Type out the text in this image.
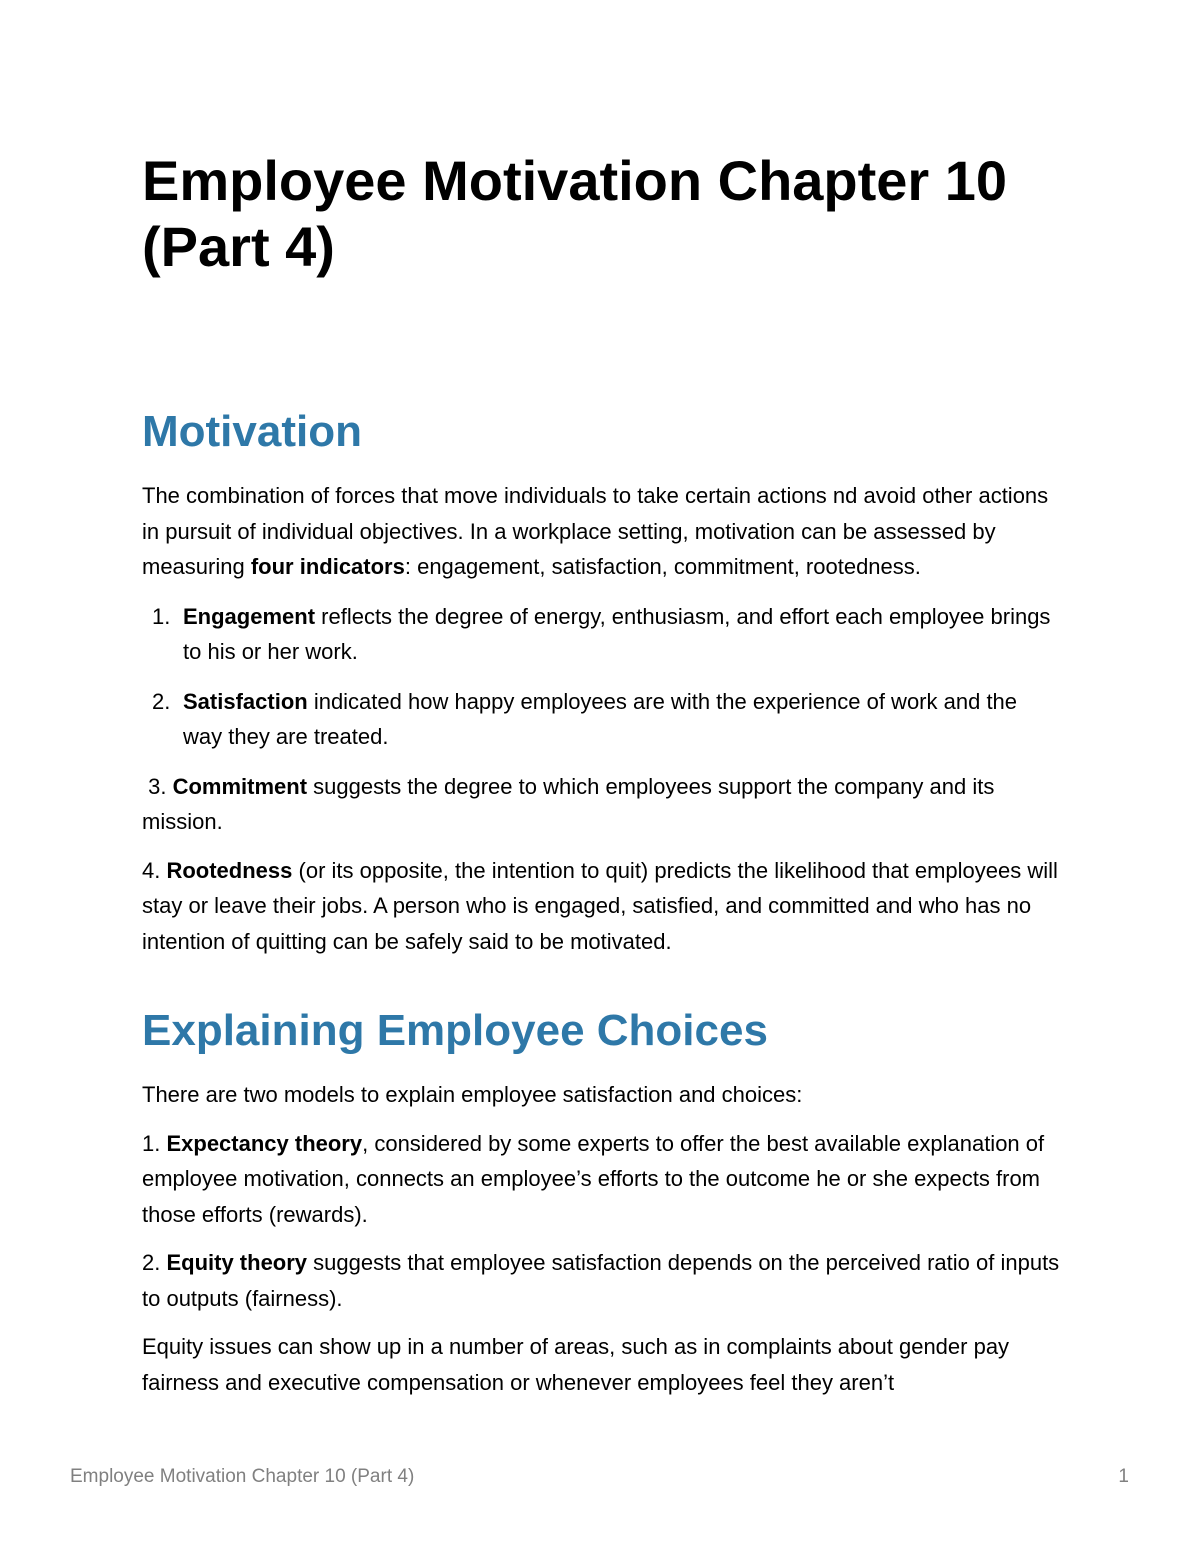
Employee Motivation Chapter 10 (Part 4)
Motivation

The combination of forces that move individuals to take certain actions nd avoid other actions in pursuit of individual objectives. In a workplace setting, motivation can be assessed by measuring four indicators: engagement, satisfaction, commitment, rootedness.

1. Engagement reflects the degree of energy, enthusiasm, and effort each employee brings to his or her work.
2. Satisfaction indicated how happy employees are with the experience of work and the way they are treated.

3. Commitment suggests the degree to which employees support the company and its mission.

4. Rootedness (or its opposite, the intention to quit) predicts the likelihood that employees will stay or leave their jobs. A person who is engaged, satisfied, and committed and who has no intention of quitting can be safely said to be motivated.

Explaining Employee Choices

There are two models to explain employee satisfaction and choices:

1. Expectancy theory, considered by some experts to offer the best available explanation of employee motivation, connects an employee’s efforts to the outcome he or she expects from those efforts (rewards).

2. Equity theory suggests that employee satisfaction depends on the perceived ratio of inputs to outputs (fairness).

Equity issues can show up in a number of areas, such as in complaints about gender pay fairness and executive compensation or whenever employees feel they aren’t

Employee Motivation Chapter 10 (Part 4)	1
